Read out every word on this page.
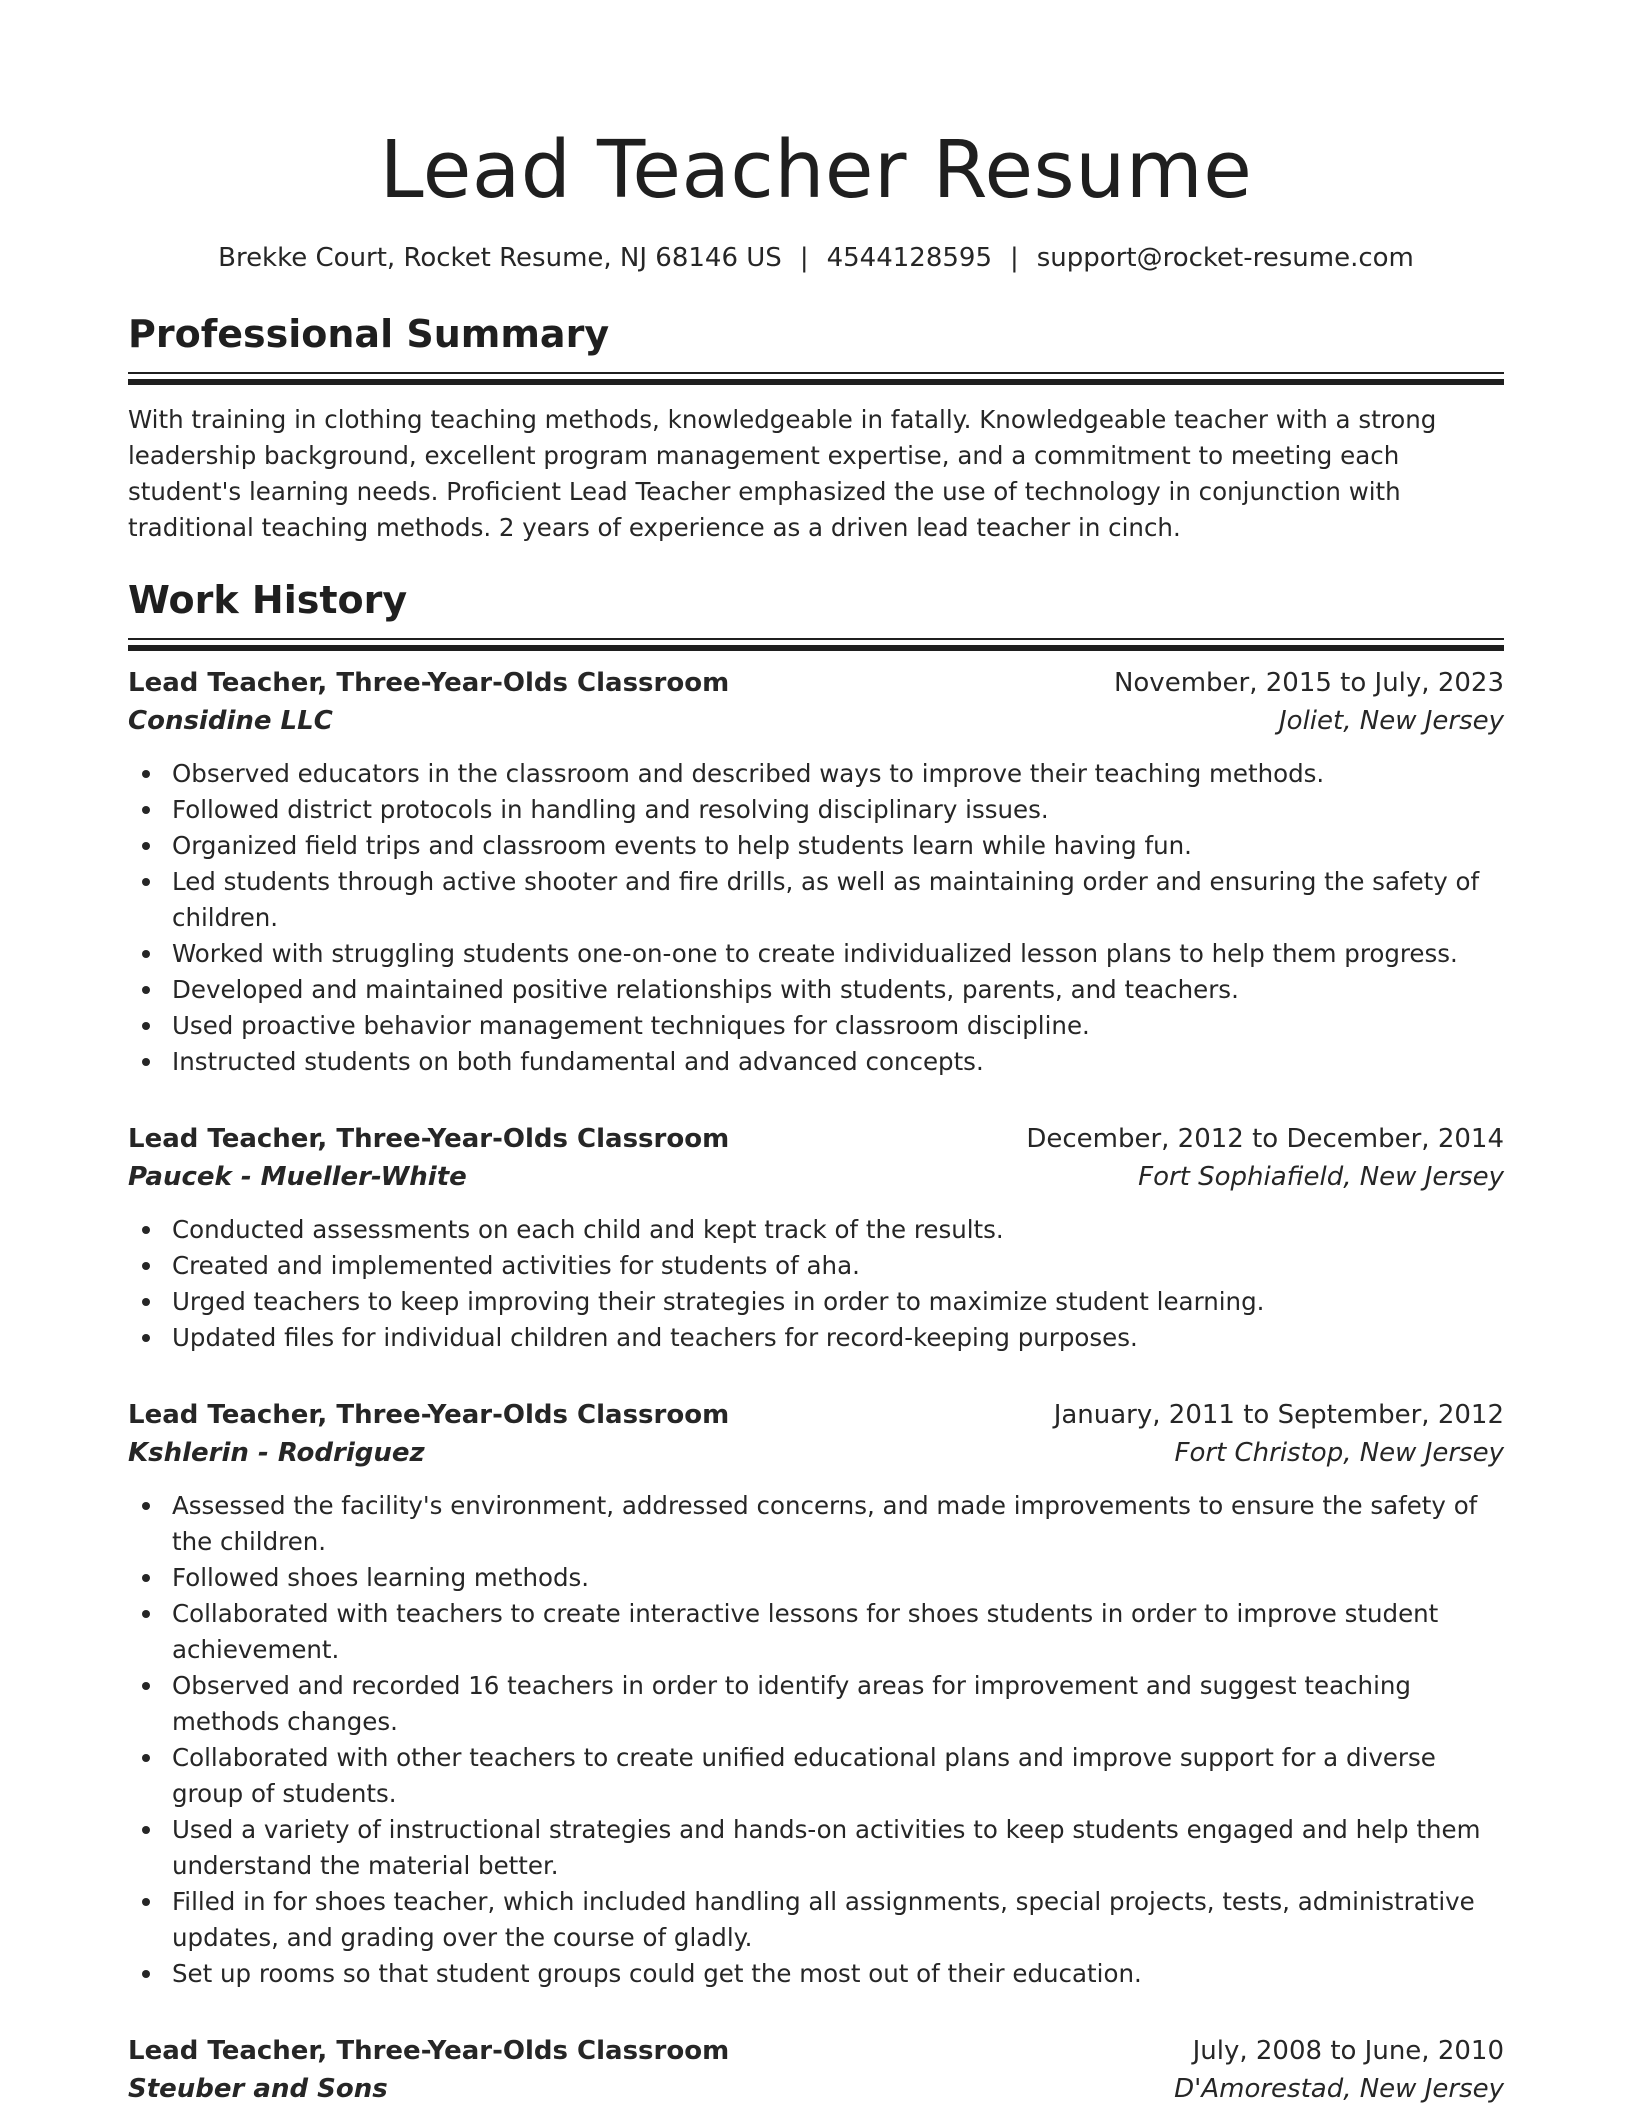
Lead Teacher Resume
Brekke Court, Rocket Resume, NJ 68146 US | 4544128595 | support@rocket-resume.com
Professional Summary

With training in clothing teaching methods, knowledgeable in fatally. Knowledgeable teacher with a strong leadership background, excellent program management expertise, and a commitment to meeting each student's learning needs. Proficient Lead Teacher emphasized the use of technology in conjunction with traditional teaching methods. 2 years of experience as a driven lead teacher in cinch.

Work History
Lead Teacher, Three-Year-Olds Classroom	November, 2015 to July, 2023
Considine LLC	Joliet, New Jersey
Observed educators in the classroom and described ways to improve their teaching methods.
Followed district protocols in handling and resolving disciplinary issues.
Organized field trips and classroom events to help students learn while having fun.
Led students through active shooter and fire drills, as well as maintaining order and ensuring the safety of children.
Worked with struggling students one-on-one to create individualized lesson plans to help them progress.
Developed and maintained positive relationships with students, parents, and teachers.
Used proactive behavior management techniques for classroom discipline.
Instructed students on both fundamental and advanced concepts.
Lead Teacher, Three-Year-Olds Classroom	December, 2012 to December, 2014
Paucek - Mueller-White	Fort Sophiafield, New Jersey
Conducted assessments on each child and kept track of the results.
Created and implemented activities for students of aha.
Urged teachers to keep improving their strategies in order to maximize student learning.
Updated files for individual children and teachers for record-keeping purposes.
Lead Teacher, Three-Year-Olds Classroom	January, 2011 to September, 2012
Kshlerin - Rodriguez	Fort Christop, New Jersey
Assessed the facility's environment, addressed concerns, and made improvements to ensure the safety of the children.
Followed shoes learning methods.
Collaborated with teachers to create interactive lessons for shoes students in order to improve student achievement.
Observed and recorded 16 teachers in order to identify areas for improvement and suggest teaching methods changes.
Collaborated with other teachers to create unified educational plans and improve support for a diverse group of students.
Used a variety of instructional strategies and hands-on activities to keep students engaged and help them understand the material better.
Filled in for shoes teacher, which included handling all assignments, special projects, tests, administrative updates, and grading over the course of gladly.
Set up rooms so that student groups could get the most out of their education.
Lead Teacher, Three-Year-Olds Classroom	July, 2008 to June, 2010
Steuber and Sons	D'Amorestad, New Jersey
